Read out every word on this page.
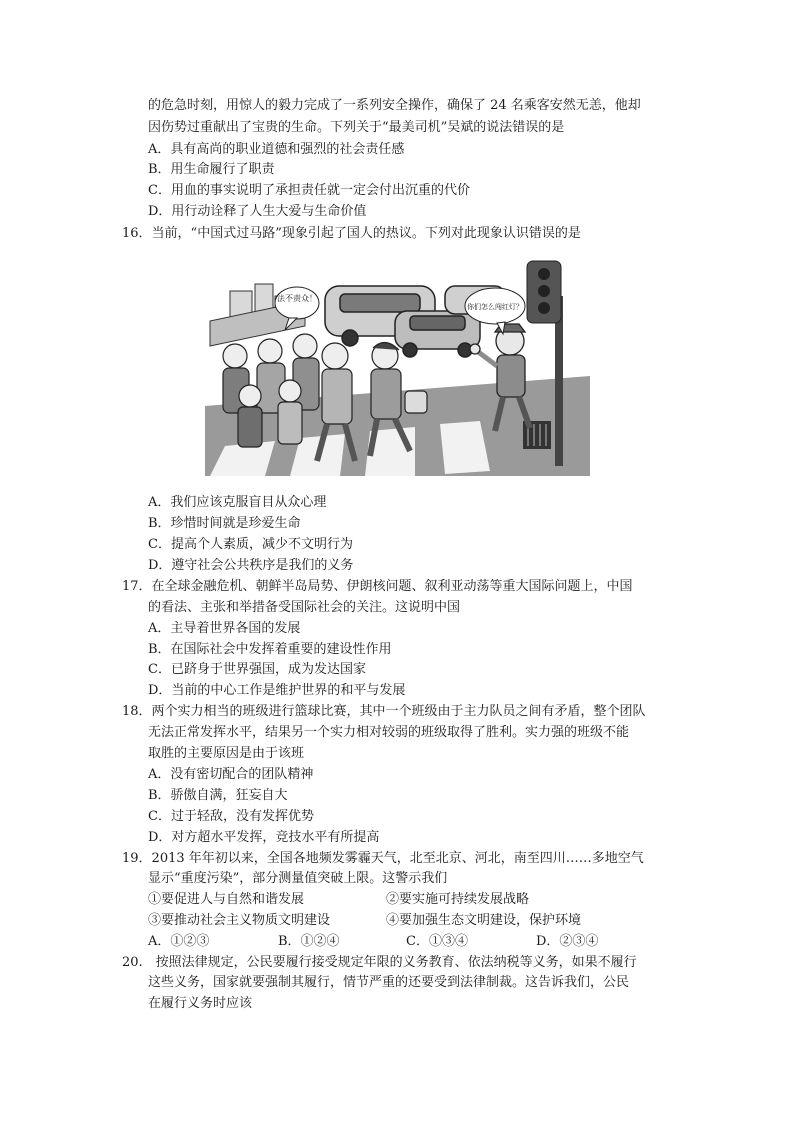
的危急时刻，用惊人的毅力完成了一系列安全操作，确保了 24 名乘客安然无恙，他却
因伤势过重献出了宝贵的生命。下列关于“最美司机”吴斌的说法错误的是
A．具有高尚的职业道德和强烈的社会责任感
B．用生命履行了职责
C．用血的事实说明了承担责任就一定会付出沉重的代价
D．用行动诠释了人生大爱与生命价值
16．当前，“中国式过马路”现象引起了国人的热议。下列对此现象认识错误的是
法不责众！
你们怎么闯红灯？
A．我们应该克服盲目从众心理
B．珍惜时间就是珍爱生命
C．提高个人素质，减少不文明行为
D．遵守社会公共秩序是我们的义务
17．在全球金融危机、朝鲜半岛局势、伊朗核问题、叙利亚动荡等重大国际问题上，中国
的看法、主张和举措备受国际社会的关注。这说明中国
A．主导着世界各国的发展
B．在国际社会中发挥着重要的建设性作用
C．已跻身于世界强国，成为发达国家
D．当前的中心工作是维护世界的和平与发展
18．两个实力相当的班级进行篮球比赛，其中一个班级由于主力队员之间有矛盾，整个团队
无法正常发挥水平，结果另一个实力相对较弱的班级取得了胜利。实力强的班级不能
取胜的主要原因是由于该班
A．没有密切配合的团队精神
B．骄傲自满，狂妄自大
C．过于轻敌，没有发挥优势
D．对方超水平发挥，竞技水平有所提高
19．2013 年年初以来，全国各地频发雾霾天气，北至北京、河北，南至四川……多地空气
显示“重度污染”，部分测量值突破上限。这警示我们
①要促进人与自然和谐发展	②要实施可持续发展战略
③要推动社会主义物质文明建设	④要加强生态文明建设，保护环境
A．①②③	B．①②④	C．①③④	D．②③④
20.　按照法律规定，公民要履行接受规定年限的义务教育、依法纳税等义务，如果不履行
这些义务，国家就要强制其履行，情节严重的还要受到法律制裁。这告诉我们，公民
在履行义务时应该
